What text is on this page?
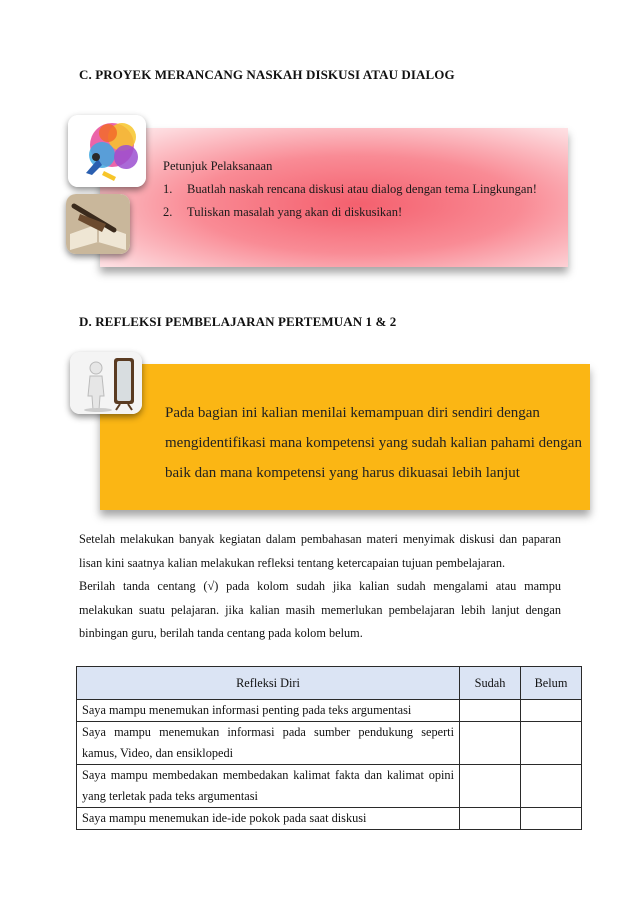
C. PROYEK MERANCANG NASKAH DISKUSI ATAU DIALOG
Petunjuk Pelaksanaan
1.	Buatlah naskah rencana diskusi atau dialog dengan tema Lingkungan!
2.	Tuliskan masalah yang akan di diskusikan!
D. REFLEKSI PEMBELAJARAN PERTEMUAN 1 & 2
Pada bagian ini kalian menilai kemampuan diri sendiri dengan mengidentifikasi mana kompetensi yang sudah kalian pahami dengan baik dan mana kompetensi yang harus dikuasai lebih lanjut

Setelah melakukan banyak kegiatan dalam pembahasan materi menyimak diskusi dan paparan lisan kini saatnya kalian melakukan refleksi tentang ketercapaian tujuan pembelajaran.

Berilah tanda centang (√) pada kolom sudah jika kalian sudah mengalami atau mampu melakukan suatu pelajaran. jika kalian masih memerlukan pembelajaran lebih lanjut dengan binbingan guru, berilah tanda centang pada kolom belum.

Refleksi Diri	Sudah	Belum
Saya mampu menemukan informasi penting pada teks argumentasi		
Saya mampu menemukan informasi pada sumber pendukung seperti kamus, Video, dan ensiklopedi		
Saya mampu membedakan membedakan kalimat fakta dan kalimat opini yang terletak pada teks argumentasi		
Saya mampu menemukan ide-ide pokok pada saat diskusi		
